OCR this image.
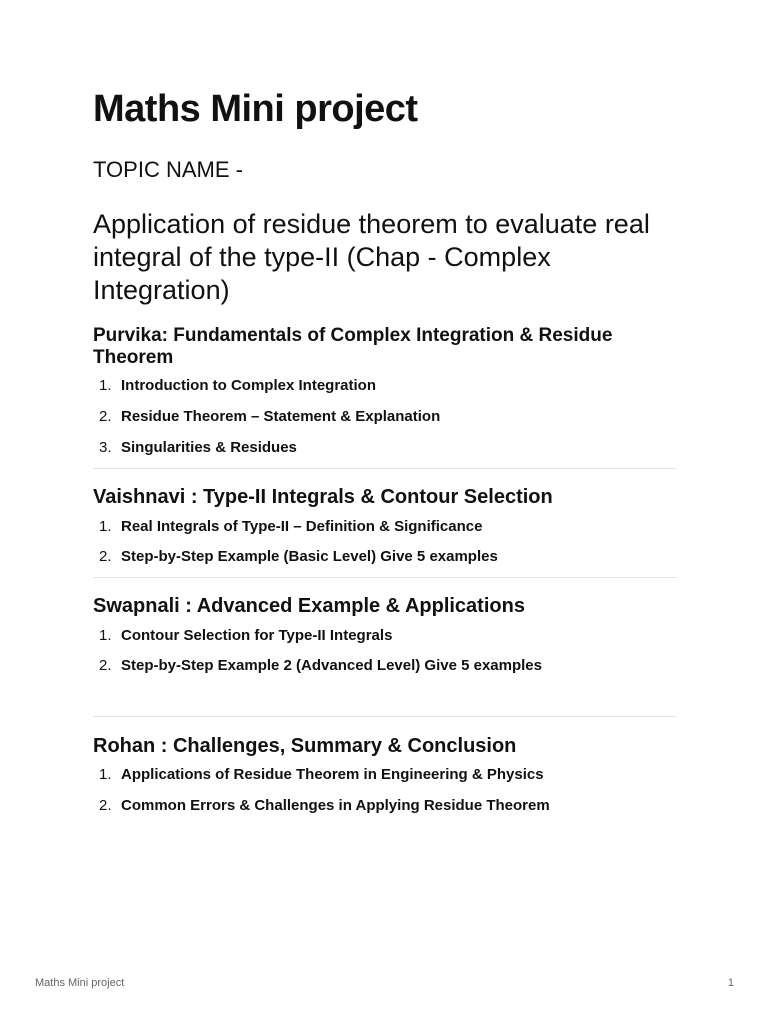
Maths Mini project
TOPIC NAME -
Application of residue theorem to evaluate real integral of the type-II (Chap - Complex Integration)
Purvika: Fundamentals of Complex Integration & Residue Theorem
1. Introduction to Complex Integration
2. Residue Theorem – Statement & Explanation
3. Singularities & Residues
Vaishnavi : Type-II Integrals & Contour Selection
1. Real Integrals of Type-II – Definition & Significance
2. Step-by-Step Example (Basic Level) Give 5 examples
Swapnali : Advanced Example & Applications
1. Contour Selection for Type-II Integrals
2. Step-by-Step Example 2 (Advanced Level) Give 5 examples
Rohan : Challenges, Summary & Conclusion
1. Applications of Residue Theorem in Engineering & Physics
2. Common Errors & Challenges in Applying Residue Theorem
Maths Mini project	1
